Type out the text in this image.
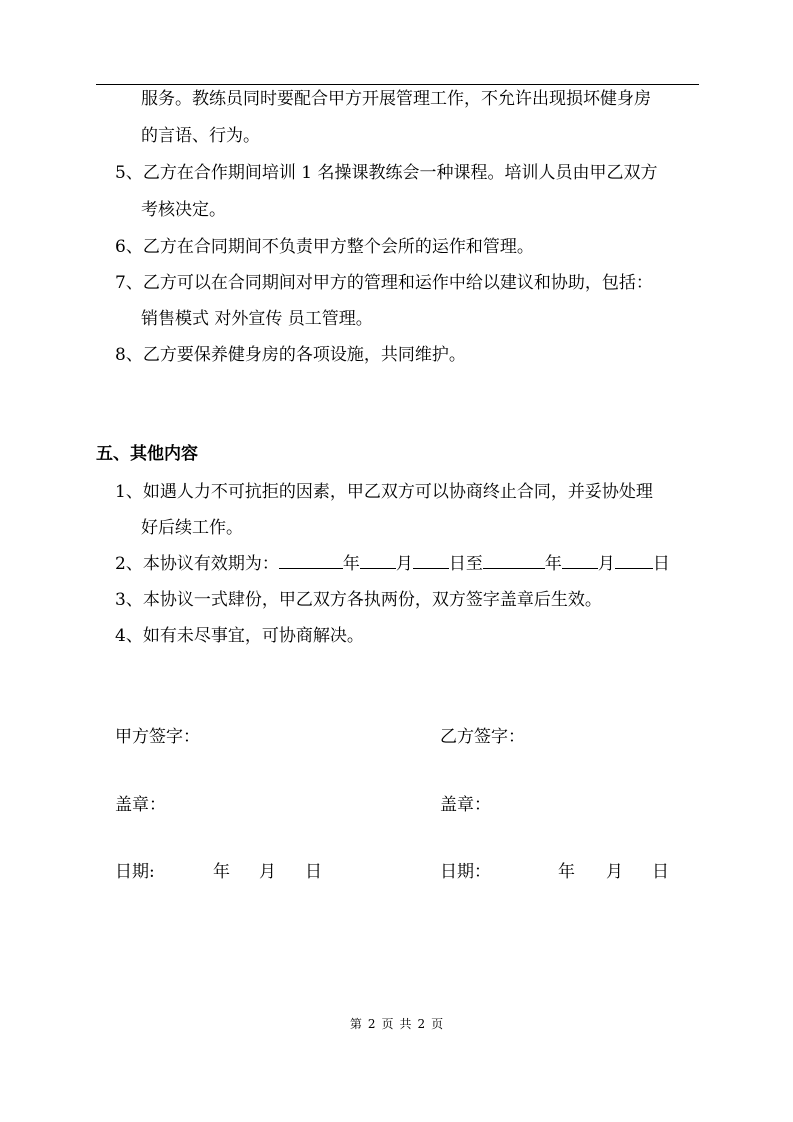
服务。教练员同时要配合甲方开展管理工作，不允许出现损坏健身房
的言语、行为。
5、乙方在合作期间培训 1 名操课教练会一种课程。培训人员由甲乙双方
考核决定。
6、乙方在合同期间不负责甲方整个会所的运作和管理。
7、乙方可以在合同期间对甲方的管理和运作中给以建议和协助，包括：
销售模式 对外宣传 员工管理。
8、乙方要保养健身房的各项设施，共同维护。
五、其他内容
1、如遇人力不可抗拒的因素，甲乙双方可以协商终止合同，并妥协处理
好后续工作。
2、本协议有效期为：	年 月 日至	年 月 日
3、本协议一式肆份，甲乙双方各执两份，双方签字盖章后生效。
4、如有未尽事宜，可协商解决。
甲方签字：	乙方签字：
盖章：	盖章：
日期:	年 月 日	日期：	年 月 日
第 2 页 共 2 页
